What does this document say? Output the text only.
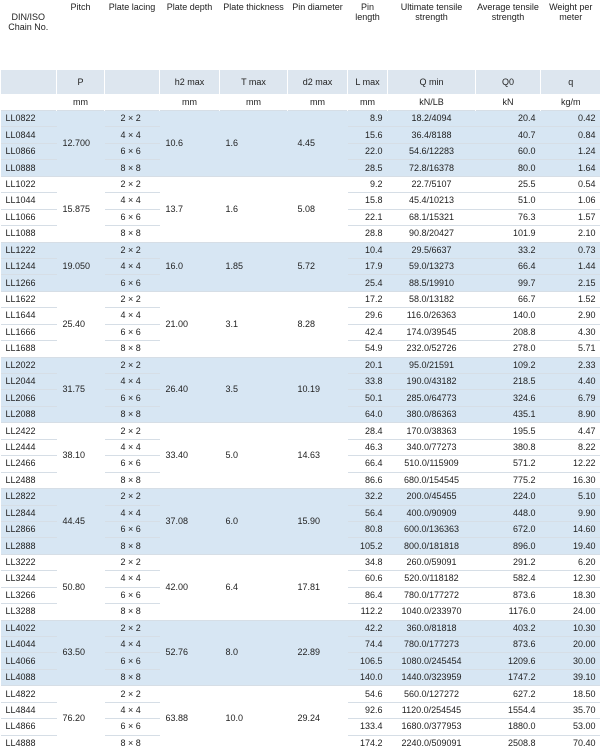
DIN/ISO Chain No.	Pitch	Plate lacing	Plate depth	Plate thickness	Pin diameter	Pin length	Ultimate tensile strength	Average tensile strength	Weight per meter
	P		h2 max	T max	d2 max	L max	Q min	Q0	q
	mm		mm	mm	mm	mm	kN/LB	kN	kg/m
LL0822	12.700	2 × 2	10.6	1.6	4.45	8.9	18.2/4094	20.4	0.42
LL0844		4 × 4				15.6	36.4/8188	40.7	0.84
LL0866		6 × 6				22.0	54.6/12283	60.0	1.24
LL0888		8 × 8				28.5	72.8/16378	80.0	1.64
LL1022	15.875	2 × 2	13.7	1.6	5.08	9.2	22.7/5107	25.5	0.54
LL1044		4 × 4				15.8	45.4/10213	51.0	1.06
LL1066		6 × 6				22.1	68.1/15321	76.3	1.57
LL1088		8 × 8				28.8	90.8/20427	101.9	2.10
LL1222	19.050	2 × 2	16.0	1.85	5.72	10.4	29.5/6637	33.2	0.73
LL1244		4 × 4				17.9	59.0/13273	66.4	1.44
LL1266		6 × 6				25.4	88.5/19910	99.7	2.15
LL1622	25.40	2 × 2	21.00	3.1	8.28	17.2	58.0/13182	66.7	1.52
LL1644		4 × 4				29.6	116.0/26363	140.0	2.90
LL1666		6 × 6				42.4	174.0/39545	208.8	4.30
LL1688		8 × 8				54.9	232.0/52726	278.0	5.71
LL2022	31.75	2 × 2	26.40	3.5	10.19	20.1	95.0/21591	109.2	2.33
LL2044		4 × 4				33.8	190.0/43182	218.5	4.40
LL2066		6 × 6				50.1	285.0/64773	324.6	6.79
LL2088		8 × 8				64.0	380.0/86363	435.1	8.90
LL2422	38.10	2 × 2	33.40	5.0	14.63	28.4	170.0/38363	195.5	4.47
LL2444		4 × 4				46.3	340.0/77273	380.8	8.22
LL2466		6 × 6				66.4	510.0/115909	571.2	12.22
LL2488		8 × 8				86.6	680.0/154545	775.2	16.30
LL2822	44.45	2 × 2	37.08	6.0	15.90	32.2	200.0/45455	224.0	5.10
LL2844		4 × 4				56.4	400.0/90909	448.0	9.90
LL2866		6 × 6				80.8	600.0/136363	672.0	14.60
LL2888		8 × 8				105.2	800.0/181818	896.0	19.40
LL3222	50.80	2 × 2	42.00	6.4	17.81	34.8	260.0/59091	291.2	6.20
LL3244		4 × 4				60.6	520.0/118182	582.4	12.30
LL3266		6 × 6				86.4	780.0/177272	873.6	18.30
LL3288		8 × 8				112.2	1040.0/233970	1176.0	24.00
LL4022	63.50	2 × 2	52.76	8.0	22.89	42.2	360.0/81818	403.2	10.30
LL4044		4 × 4				74.4	780.0/177273	873.6	20.00
LL4066		6 × 6				106.5	1080.0/245454	1209.6	30.00
LL4088		8 × 8				140.0	1440.0/323959	1747.2	39.10
LL4822	76.20	2 × 2	63.88	10.0	29.24	54.6	560.0/127272	627.2	18.50
LL4844		4 × 4				92.6	1120.0/254545	1554.4	35.70
LL4866		6 × 6				133.4	1680.0/377953	1880.0	53.00
LL4888		8 × 8				174.2	2240.0/509091	2508.8	70.40
